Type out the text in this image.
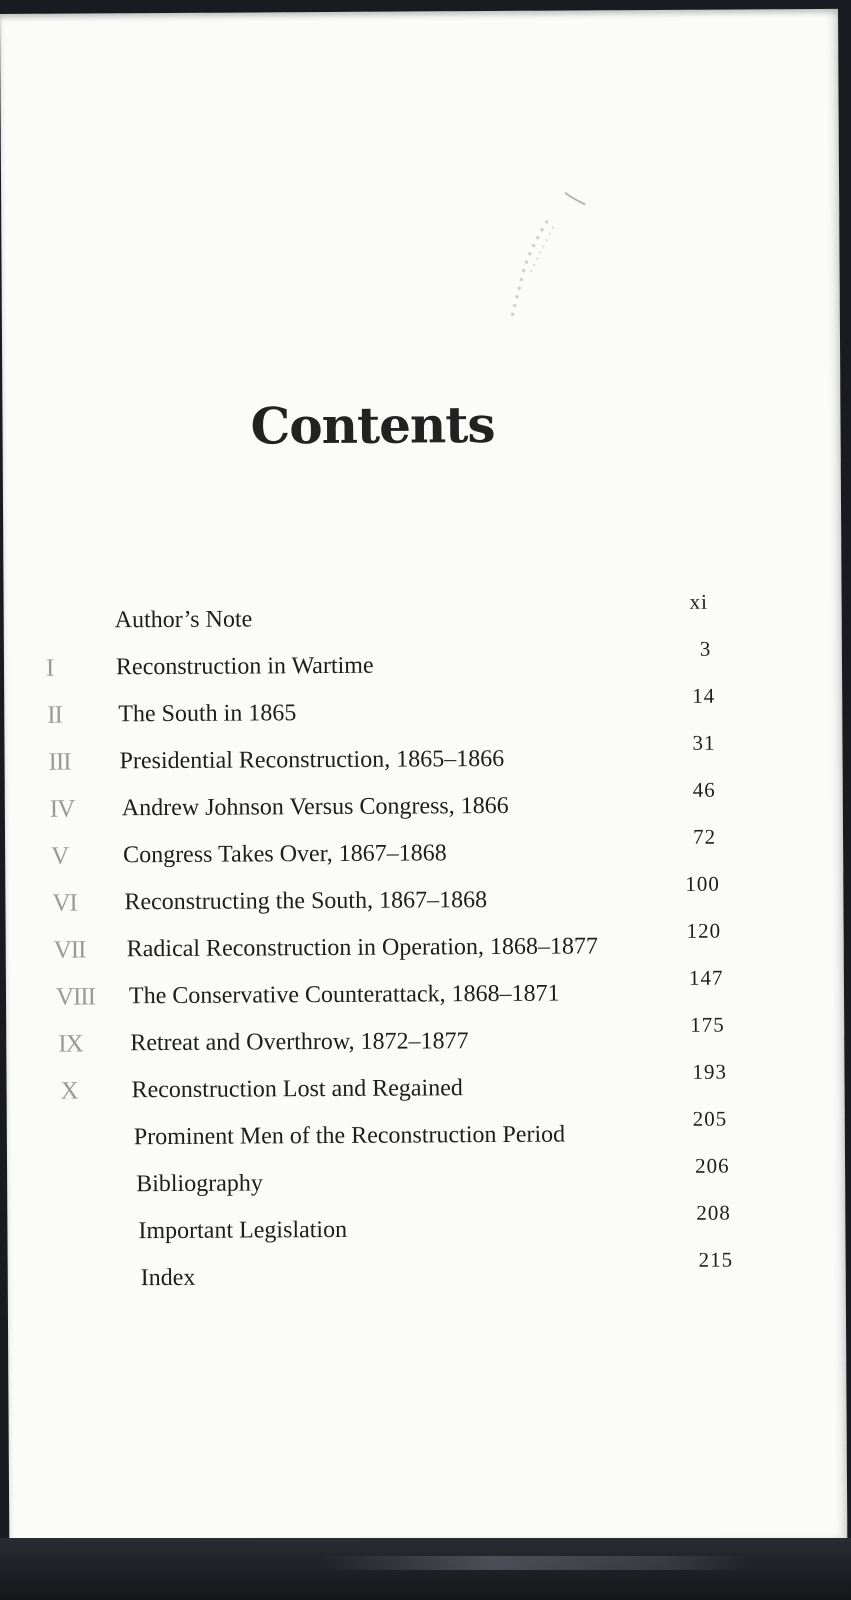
Contents
Author’s Note
xi
I	Reconstruction in Wartime
3
II The South in 1865
14
III Presidential Reconstruction, 1865–1866
31
IV Andrew Johnson Versus Congress, 1866
46
V Congress Takes Over, 1867–1868
72
VI Reconstructing the South, 1867–1868
100
VII Radical Reconstruction in Operation, 1868–1877
120
VIII The Conservative Counterattack, 1868–1871
147
IX Retreat and Overthrow, 1872–1877
175
X Reconstruction Lost and Regained
193
Prominent Men of the Reconstruction Period
205
Bibliography
206
Important Legislation
208
Index
215
